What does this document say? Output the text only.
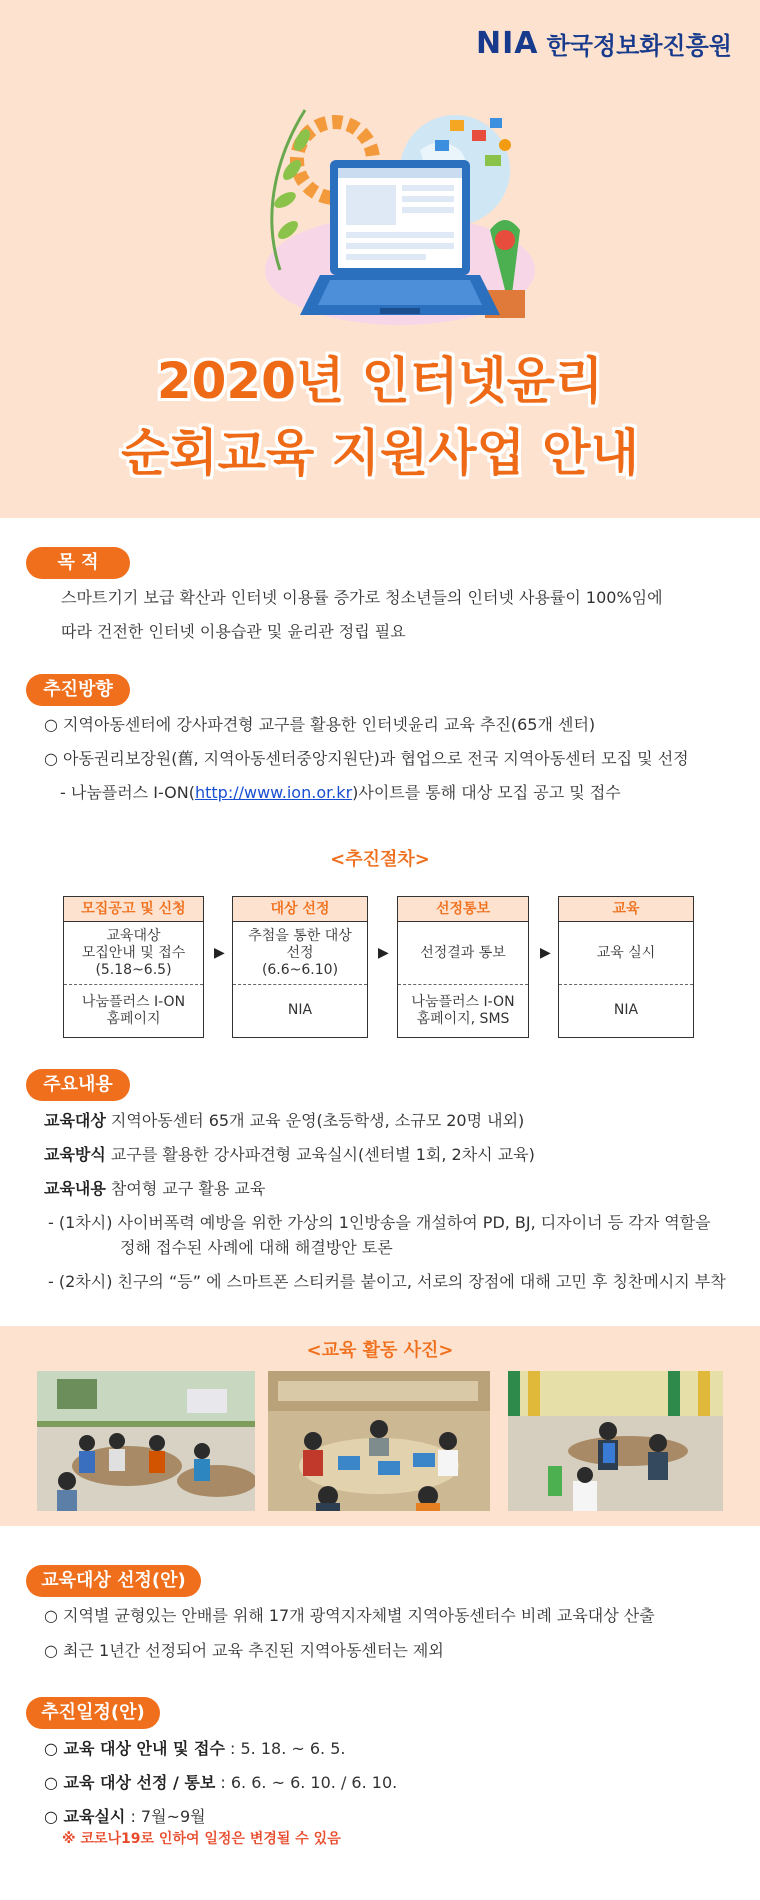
NIA 한국정보화진흥원
2020년 인터넷윤리
순회교육 지원사업 안내
목 적
스마트기기 보급 확산과 인터넷 이용률 증가로 청소년들의 인터넷 사용률이 100%임에
따라 건전한 인터넷 이용습관 및 윤리관 정립 필요
추진방향
○ 지역아동센터에 강사파견형 교구를 활용한 인터넷윤리 교육 추진(65개 센터)
○ 아동권리보장원(舊, 지역아동센터중앙지원단)과 협업으로 전국 지역아동센터 모집 및 선정
- 나눔플러스 I-ON(http://www.ion.or.kr)사이트를 통해 대상 모집 공고 및 접수
<추진절차>
모집공고 및 신청
교육대상
모집안내 및 접수
(5.18~6.5)
나눔플러스 I-ON
홈페이지
▶
대상 선정
추첨을 통한 대상
선정
(6.6~6.10)
NIA
▶
선정통보
선정결과 통보
나눔플러스 I-ON
홈페이지, SMS
▶
교육
교육 실시
NIA
주요내용
교육대상 지역아동센터 65개 교육 운영(초등학생, 소규모 20명 내외)
교육방식 교구를 활용한 강사파견형 교육실시(센터별 1회, 2차시 교육)
교육내용 참여형 교구 활용 교육
- (1차시) 사이버폭력 예방을 위한 가상의 1인방송을 개설하여 PD, BJ, 디자이너 등 각자 역할을
정해 접수된 사례에 대해 해결방안 토론
- (2차시) 친구의 “등” 에 스마트폰 스티커를 붙이고, 서로의 장점에 대해 고민 후 칭찬메시지 부착
<교육 활동 사진>
교육대상 선정(안)
○ 지역별 균형있는 안배를 위해 17개 광역지자체별 지역아동센터수 비례 교육대상 산출
○ 최근 1년간 선정되어 교육 추진된 지역아동센터는 제외
추진일정(안)
○ 교육 대상 안내 및 접수 : 5. 18. ~ 6. 5.
○ 교육 대상 선정 / 통보 : 6. 6. ~ 6. 10. / 6. 10.
○ 교육실시 : 7월~9월
※ 코로나19로 인하여 일정은 변경될 수 있음
